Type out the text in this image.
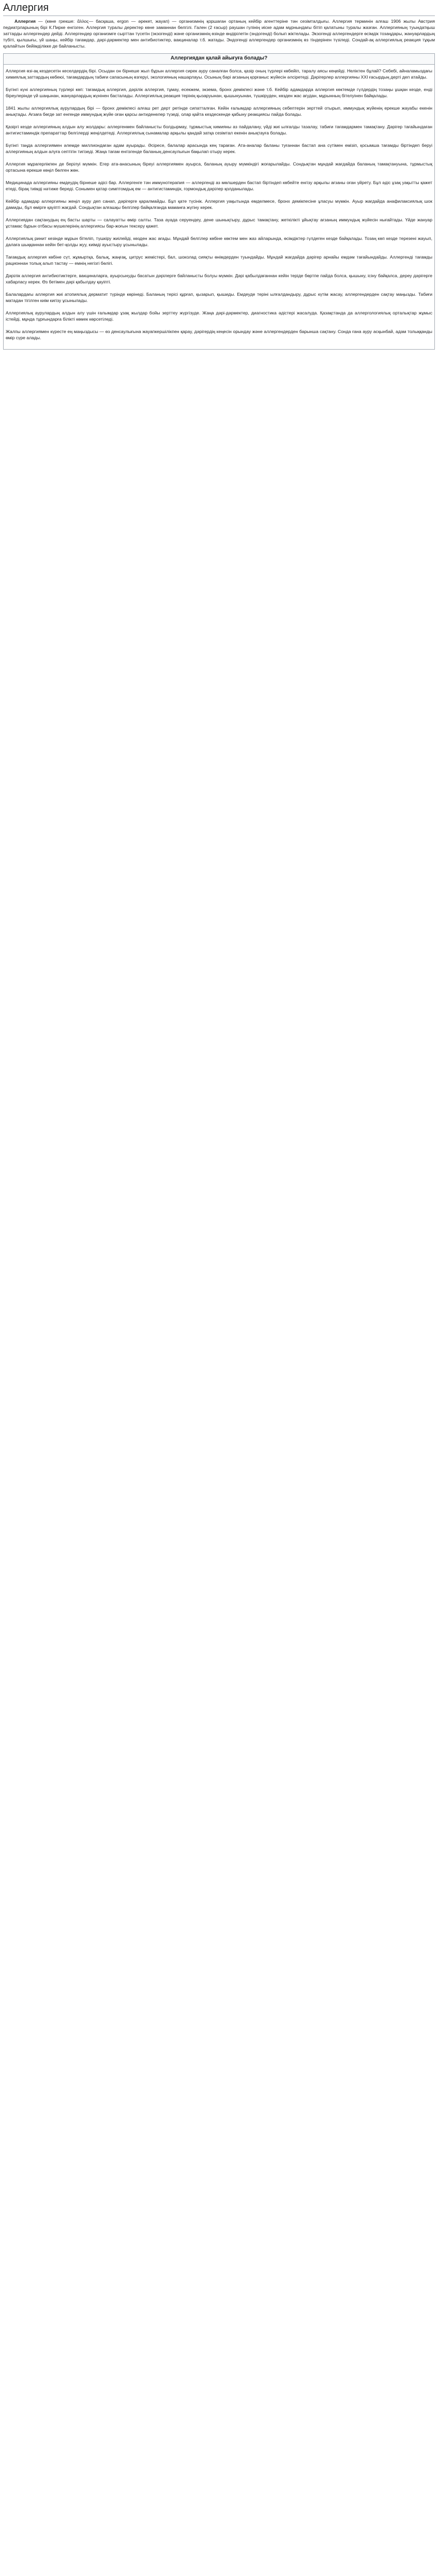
Аллергия

Аллергия — (көне грекше: ἄλλος— басқаша, ergon — әрекет, жауап) — организмнің қоршаған ортаның кейбір агенттеріне тән сезімталдығы. Аллергия терминін алғаш 1906 жылы Австрия педиатрларының бірі К.Пирке енгізген. Аллергия туралы деректер көне заманнан белгілі. Гален (2 ғасыр) раушан гүлінің иіске адам мұрнындағы бітіп қалатыны туралы жазған. Аллергияның туындатқыш заттарды аллергендер дейді. Аллергендер организмге сырттан түсетін (экзогенді) және организмнің өзінде өндірілетін (эндогенді) болып жіктелады. Экзогенді аллергендерге өсімдік тозаңдары, жануарлардың түбіті, қылшығы, үй шаңы, кейбір тағамдар, дәрі-дәрмектер мен антибиотиктер, вакциналар т.б. жатады. Эндогенді аллергендер организмнің өз тіндерінен түзіледі. Сондай-ақ аллергиялық реакция тұқым қуалайтын бейімділікке де байланысты.

Аллергиядан қалай айығуға болады?

Аллергия өзі-ақ кездесетін кеселдердің бірі. Осыдан он бірнеше жыл бұрын аллергия сирек ауру саналған болса, қазір оның түрлері көбейіп, таралу аясы кеңейді. Неліктен бұлай? Себебі, айналамыздағы химиялық заттардың көбеюі, тағамдардың табиғи сапасының өзгеруі, экологияның нашарлауы. Осының бәрі ағзаның қорғаныс жүйесін әлсіретеді. Дәрігерлер аллергияны XXI ғасырдың дерті деп атайды.

Бүгінгі күні аллергияның түрлері көп: тағамдық аллергия, дәрілік аллергия, тұмау, есекжем, экзема, бронх демікпесі және т.б. Кейбір адамдарда аллергия көктемде гүлдердің тозаңы ұшқан кезде, енді біреулерінде үй шаңынан, жануарлардың жүнінен басталады. Аллергиялық реакция терінің қызаруынан, қышынуынан, түшкіруден, көзден жас ағудан, мұрынның бітелуінен байқалады.

1841 жылы аллергиялық аурулардың бірі — бронх демікпесі алғаш рет дерт ретінде сипатталған. Кейін ғалымдар аллергияның себептерін зерттей отырып, иммундық жүйенің ерекше жауабы екенін анықтады. Ағзаға бөгде зат енгенде иммундық жүйе оған қарсы антиденелер түзеді, олар қайта кездескенде қабыну реакциясы пайда болады.

Қазіргі кезде аллергияның алдын алу жолдары: аллергенмен байланысты болдырмау, тұрмыстық химияны аз пайдалану, үйді жиі ылғалды тазалау, табиғи тағамдармен тамақтану. Дәрігер тағайындаған антигистаминдік препараттар белгілерді жеңілдетеді. Аллергиялық сынамалар арқылы қандай затқа сезімтал екенін анықтауға болады.

Бүгінгі таңда аллергиямен әлемде миллиондаған адам ауырады. Әсіресе, балалар арасында кең тараған. Ата-аналар баланы туғаннан бастап ана сүтімен емізіп, қосымша тағамды біртіндеп беруі аллергияның алдын алуға септігін тигізеді. Жаңа тағам енгізгенде баланың денсаулығын бақылап отыру керек.

Аллергия мұрагерлікпен де берілуі мүмкін. Егер ата-анасының біреуі аллергиямен ауырса, баланың ауыру мүмкіндігі жоғарылайды. Сондықтан мұндай жағдайда баланың тамақтануына, тұрмыстық ортасына ерекше көңіл бөлген жөн.

Медицинада аллергияны емдеудің бірнеше әдісі бар. Аллергенге тән иммунотерапия — аллергенді аз мөлшерден бастап біртіндеп көбейте енгізу арқылы ағзаны оған үйрету. Бұл әдіс ұзақ уақытты қажет етеді, бірақ тиімді нәтиже береді. Сонымен қатар симптомдық ем — антигистаминдік, гормондық дәрілер қолданылады.

Кейбір адамдар аллергияны жеңіл ауру деп санап, дәрігерге қаралмайды. Бұл қате түсінік. Аллергия уақытында емделмесе, бронх демікпесіне ұласуы мүмкін. Ауыр жағдайда анафилаксиялық шок дамиды, бұл өмірге қауіпті жағдай. Сондықтан алғашқы белгілер байқалғанда маманға жүгіну керек.

Аллергиядан сақтанудың ең басты шарты — салауатты өмір салты. Таза ауада серуендеу, дене шынықтыру, дұрыс тамақтану, жеткілікті ұйықтау ағзаның иммундық жүйесін нығайтады. Үйде жануар ұстамас бұрын отбасы мүшелерінің аллергиясы бар-жоғын тексеру қажет.

Аллергиялық ринит кезінде мұрын бітеліп, түшкіру жиілейді, көзден жас ағады. Мұндай белгілер көбіне көктем мен жаз айларында, өсімдіктер гүлдеген кезде байқалады. Тозаң көп кезде терезені жауып, далаға шыққаннан кейін бет-қолды жуу, киімді ауыстыру ұсынылады.

Тағамдық аллергия көбіне сүт, жұмыртқа, балық, жаңғақ, цитрус жемістері, бал, шоколад сияқты өнімдерден туындайды. Мұндай жағдайда дәрігер арнайы емдәм тағайындайды. Аллергенді тағамды рационнан толық алып тастау — емнің негізгі бөлігі.

Дәрілік аллергия антибиотиктерге, вакциналарға, ауырсынуды басатын дәрілерге байланысты болуы мүмкін. Дәрі қабылдағаннан кейін теріде бөртпе пайда болса, қышыну, ісіну байқалса, дереу дәрігерге хабарласу керек. Өз бетімен дәрі қабылдау қауіпті.

Балалардағы аллергия жиі атопиялық дерматит түрінде көрінеді. Баланың терісі құрғап, қызарып, қышиды. Емдеуде теріні ылғалдандыру, дұрыс күтім жасау, аллергендерден сақтау маңызды. Табиғи матадан тігілген киім кигізу ұсынылады.

Аллергиялық аурулардың алдын алу үшін ғалымдар ұзақ жылдар бойы зерттеу жүргізуде. Жаңа дәрі-дәрмектер, диагностика әдістері жасалуда. Қазақстанда да аллергологиялық орталықтар жұмыс істейді, мұнда тұрғындарға білікті көмек көрсетіледі.

Жалпы аллергиямен күресте ең маңыздысы — өз денсаулығына жауапкершілікпен қарау, дәрігердің кеңесін орындау және аллергендерден барынша сақтану. Сонда ғана ауру асқынбай, адам толыққанды өмір сүре алады.
